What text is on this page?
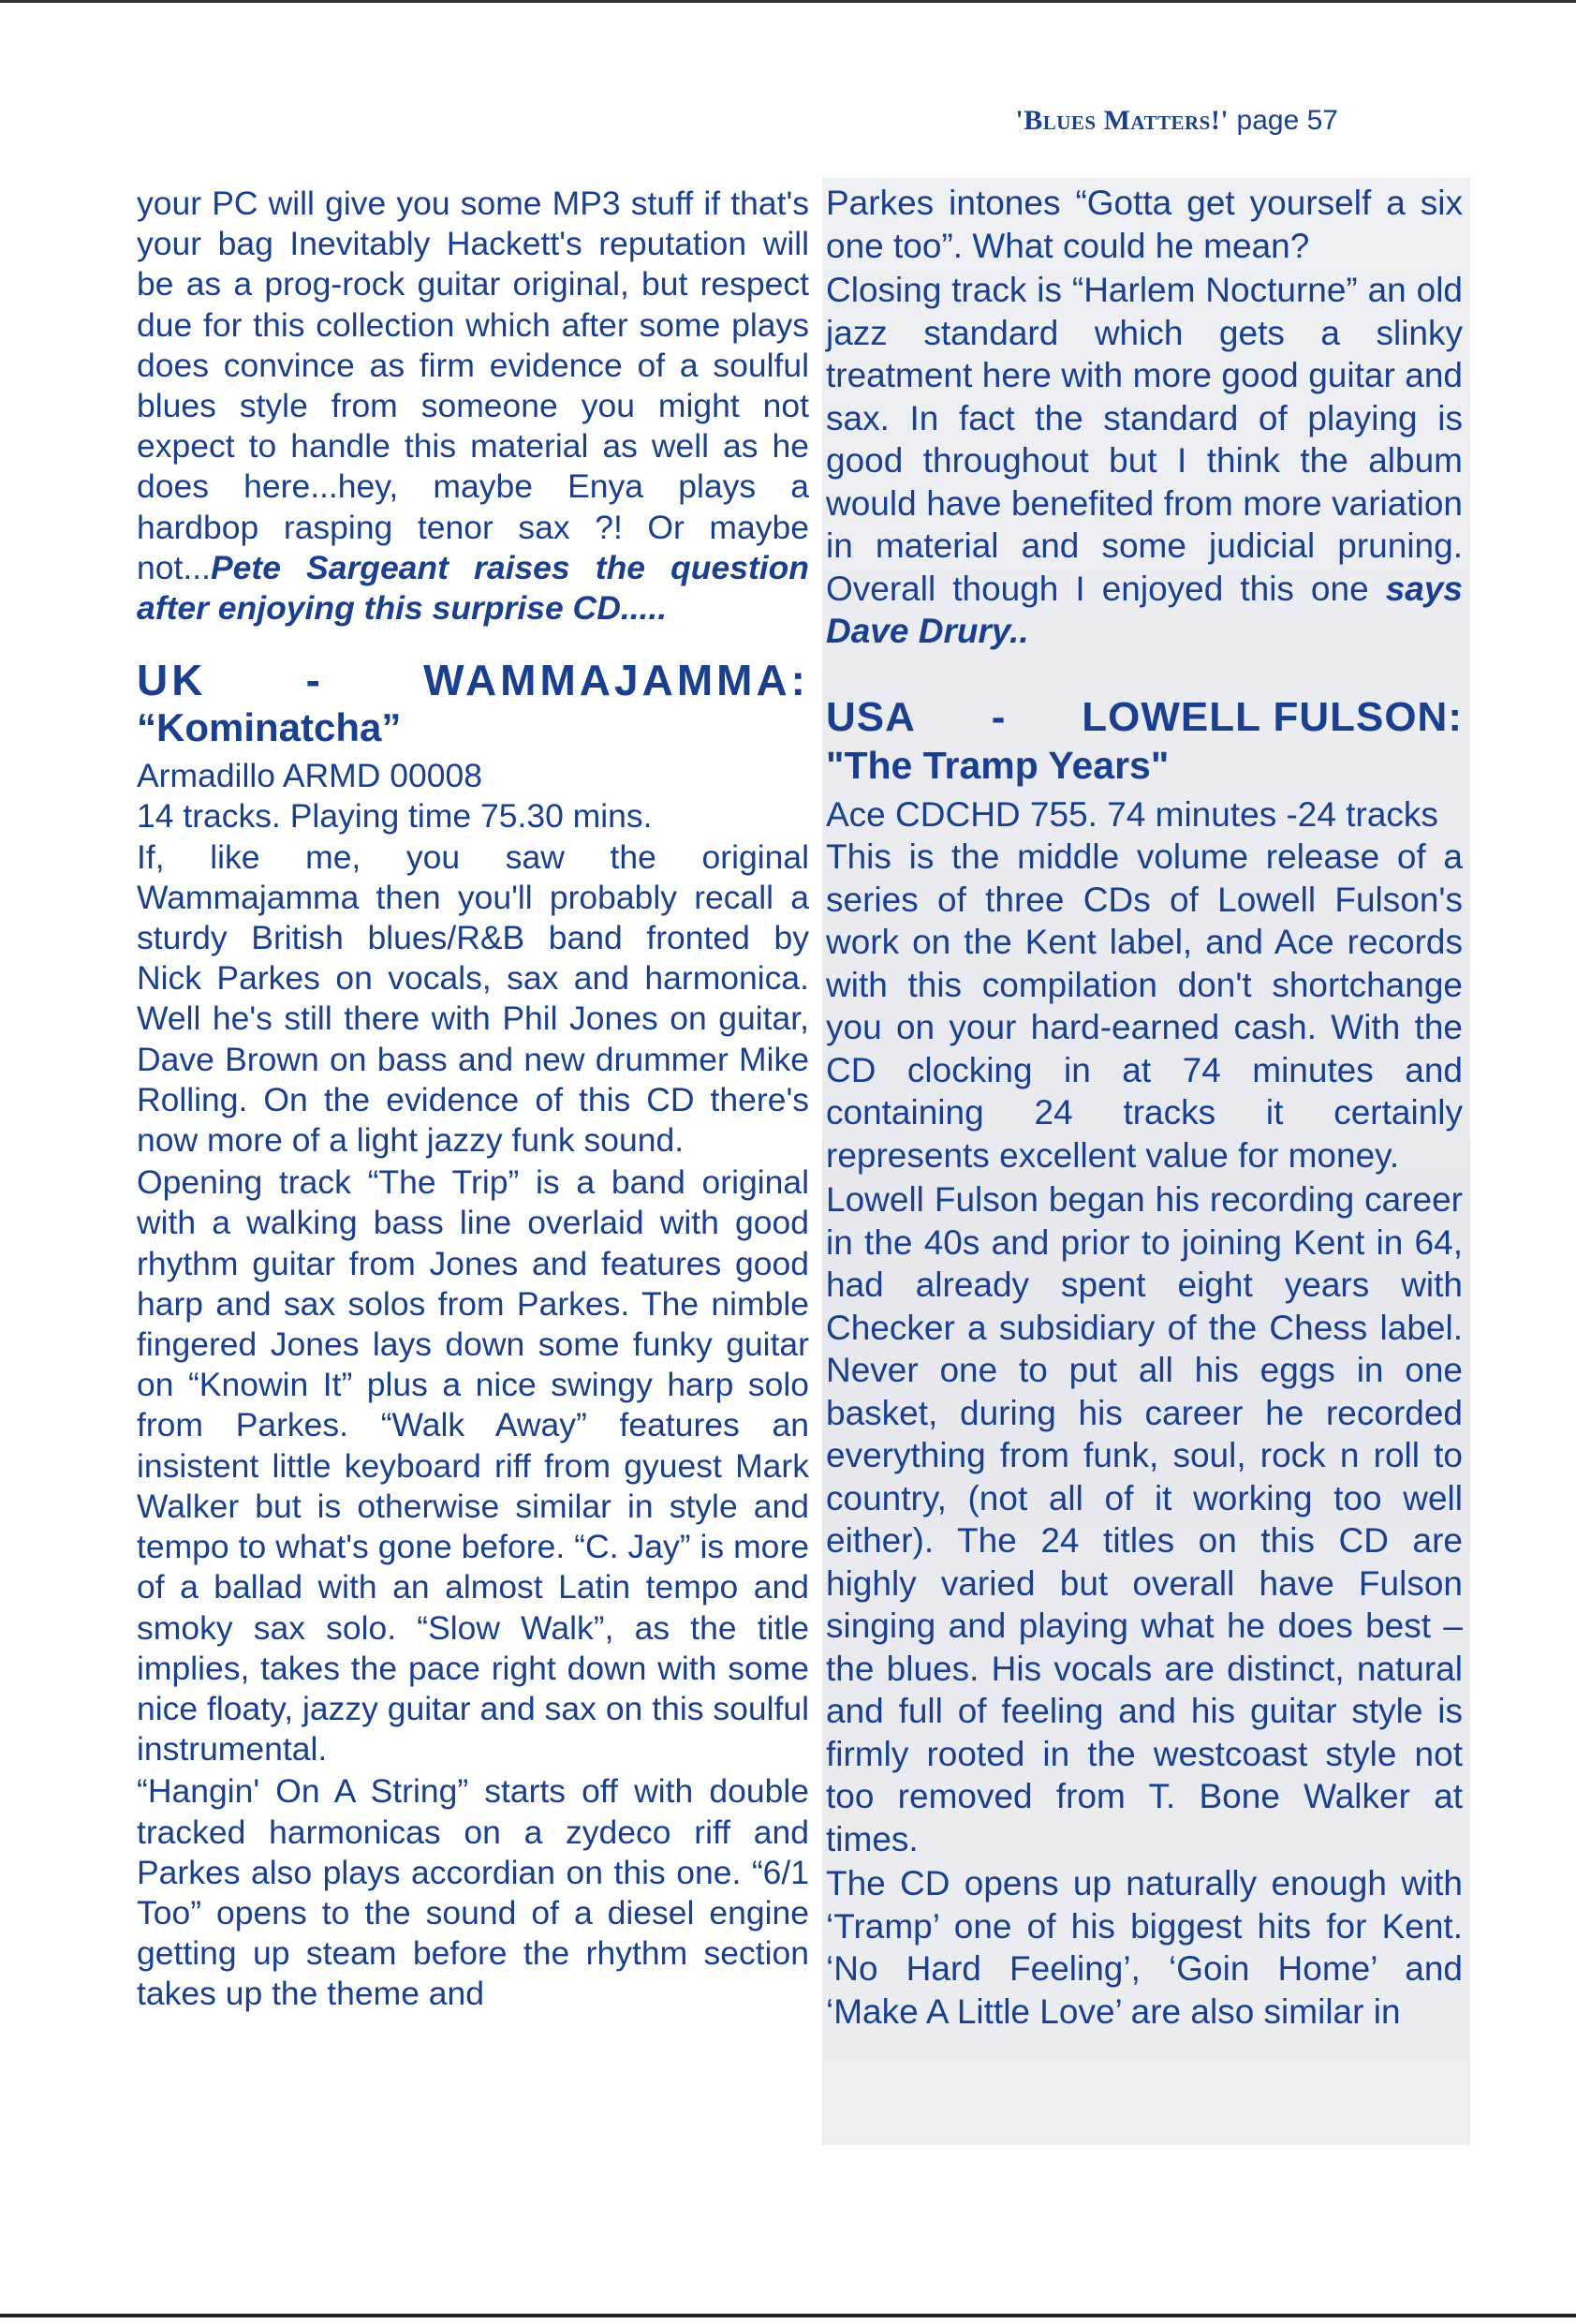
'Blues Matters!' page 57

your PC will give you some MP3 stuff if that's your bag Inevitably Hackett's reputation will be as a prog-rock guitar original, but respect due for this collection which after some plays does convince as firm evidence of a soulful blues style from someone you might not expect to handle this material as well as he does here...hey, maybe Enya plays a hardbop rasping tenor sax ?! Or maybe not...Pete Sargeant raises the question after enjoying this surprise CD.....

UK - WAMMAJAMMA:
“Kominatcha”

Armadillo ARMD 00008

14 tracks. Playing time 75.30 mins.

If, like me, you saw the original Wammajamma then you'll probably recall a sturdy British blues/R&B band fronted by Nick Parkes on vocals, sax and harmonica. Well he's still there with Phil Jones on guitar, Dave Brown on bass and new drummer Mike Rolling. On the evidence of this CD there's now more of a light jazzy funk sound.

Opening track “The Trip” is a band original with a walking bass line overlaid with good rhythm guitar from Jones and features good harp and sax solos from Parkes. The nimble fingered Jones lays down some funky guitar on “Knowin It” plus a nice swingy harp solo from Parkes. “Walk Away” features an insistent little keyboard riff from gyuest Mark Walker but is otherwise similar in style and tempo to what's gone before. “C. Jay” is more of a ballad with an almost Latin tempo and smoky sax solo. “Slow Walk”, as the title implies, takes the pace right down with some nice floaty, jazzy guitar and sax on this soulful instrumental.

“Hangin' On A String” starts off with double tracked harmonicas on a zydeco riff and Parkes also plays accordian on this one. “6/1 Too” opens to the sound of a diesel engine getting up steam before the rhythm section takes up the theme and

Parkes intones “Gotta get yourself a six one too”. What could he mean?

Closing track is “Harlem Nocturne” an old jazz standard which gets a slinky treatment here with more good guitar and sax. In fact the standard of playing is good throughout but I think the album would have benefited from more variation in material and some judicial pruning. Overall though I enjoyed this one says Dave Drury..

USA - LOWELL FULSON:
"The Tramp Years"

Ace CDCHD 755. 74 minutes -24 tracks

This is the middle volume release of a series of three CDs of Lowell Fulson's work on the Kent label, and Ace records with this compilation don't shortchange you on your hard-earned cash. With the CD clocking in at 74 minutes and containing 24 tracks it certainly represents excellent value for money.

Lowell Fulson began his recording career in the 40s and prior to joining Kent in 64, had already spent eight years with Checker a subsidiary of the Chess label. Never one to put all his eggs in one basket, during his career he recorded everything from funk, soul, rock n roll to country, (not all of it working too well either). The 24 titles on this CD are highly varied but overall have Fulson singing and playing what he does best – the blues. His vocals are distinct, natural and full of feeling and his guitar style is firmly rooted in the westcoast style not too removed from T. Bone Walker at times.

The CD opens up naturally enough with ‘Tramp’ one of his biggest hits for Kent. ‘No Hard Feeling’, ‘Goin Home’ and ‘Make A Little Love’ are also similar in
